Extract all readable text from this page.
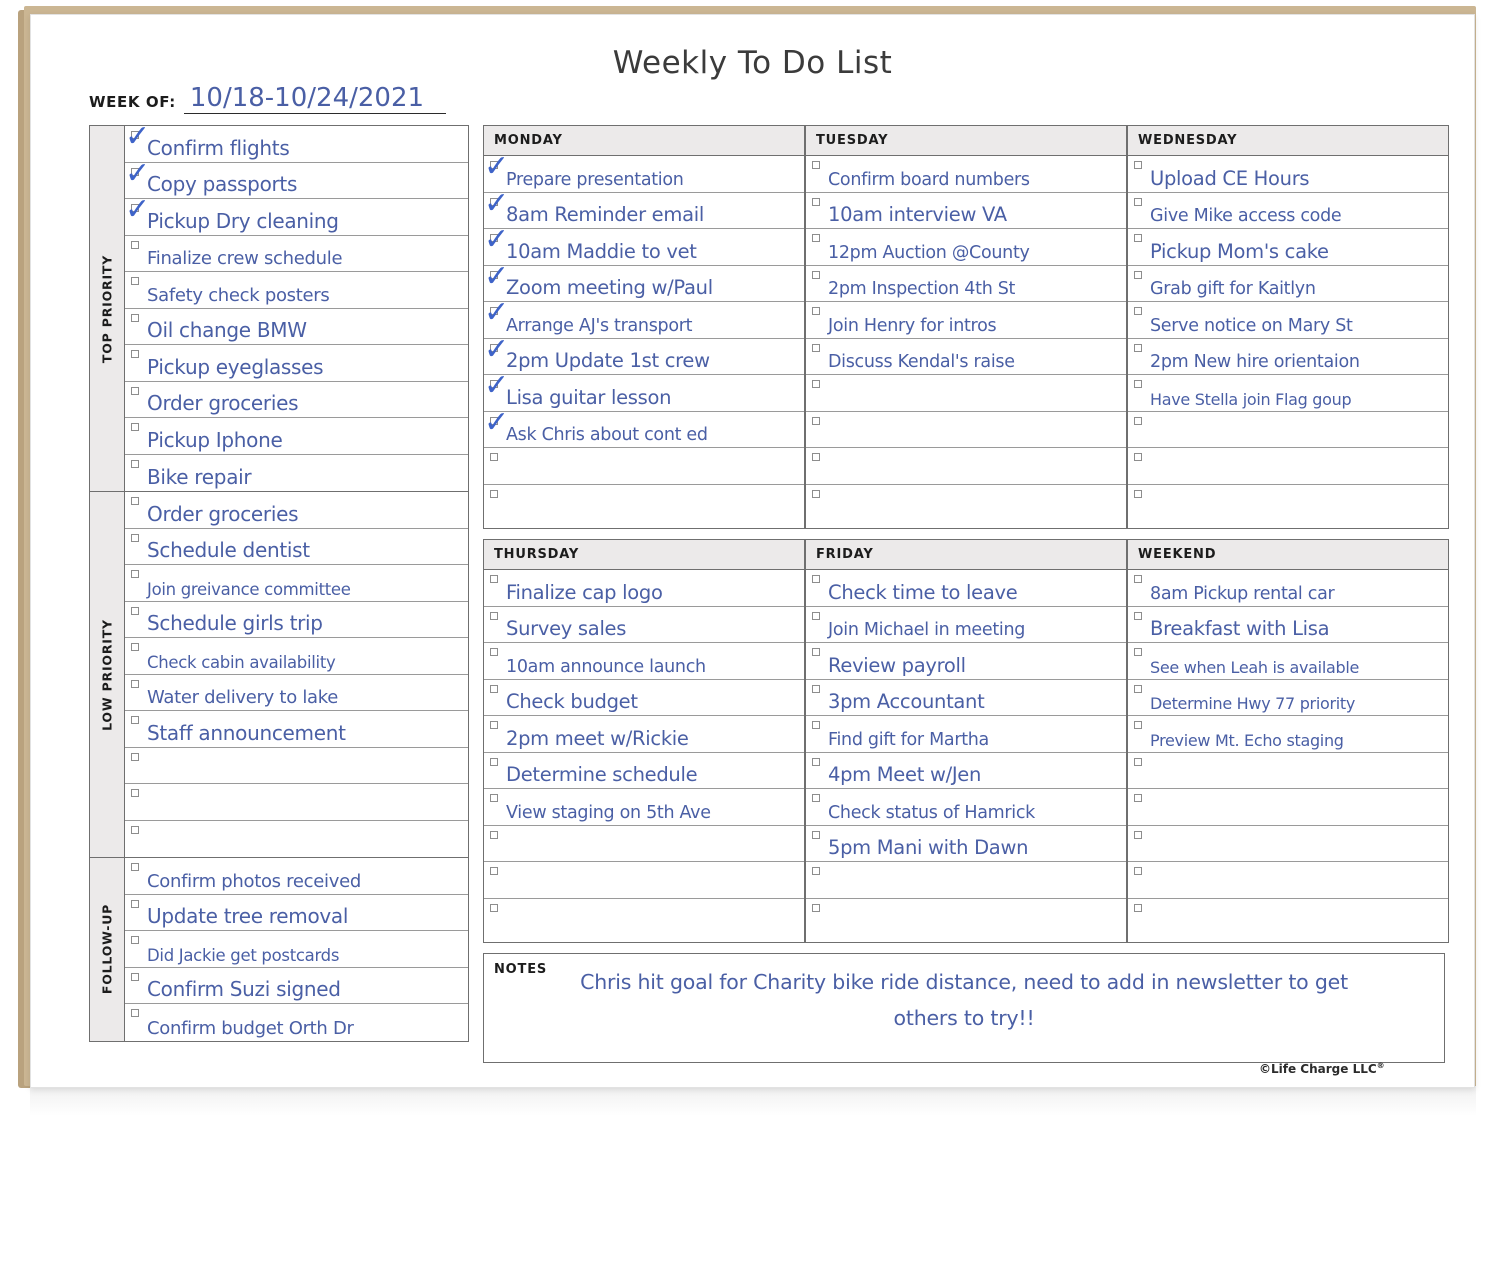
Weekly To Do List
WEEK OF: 10/18-10/24/2021
TOP PRIORITY
✓
Confirm flights
✓
Copy passports
✓
Pickup Dry cleaning
Finalize crew schedule
Safety check posters
Oil change BMW
Pickup eyeglasses
Order groceries
Pickup Iphone
Bike repair
LOW PRIORITY
Order groceries
Schedule dentist
Join greivance committee
Schedule girls trip
Check cabin availability
Water delivery to lake
Staff announcement
FOLLOW-UP
Confirm photos received
Update tree removal
Did Jackie get postcards
Confirm Suzi signed
Confirm budget Orth Dr
MONDAY
✓
Prepare presentation
✓
8am Reminder email
✓
10am Maddie to vet
✓
Zoom meeting w/Paul
✓
Arrange AJ's transport
✓
2pm Update 1st crew
✓
Lisa guitar lesson
✓
Ask Chris about cont ed
TUESDAY
Confirm board numbers
10am interview VA
12pm Auction @County
2pm Inspection 4th St
Join Henry for intros
Discuss Kendal's raise
WEDNESDAY
Upload CE Hours
Give Mike access code
Pickup Mom's cake
Grab gift for Kaitlyn
Serve notice on Mary St
2pm New hire orientaion
Have Stella join Flag goup
THURSDAY
Finalize cap logo
Survey sales
10am announce launch
Check budget
2pm meet w/Rickie
Determine schedule
View staging on 5th Ave
FRIDAY
Check time to leave
Join Michael in meeting
Review payroll
3pm Accountant
Find gift for Martha
4pm Meet w/Jen
Check status of Hamrick
5pm Mani with Dawn
WEEKEND
8am Pickup rental car
Breakfast with Lisa
See when Leah is available
Determine Hwy 77 priority
Preview Mt. Echo staging
NOTES
Chris hit goal for Charity bike ride distance, need to add in newsletter to get
others to try!!
©Life Charge LLC®
